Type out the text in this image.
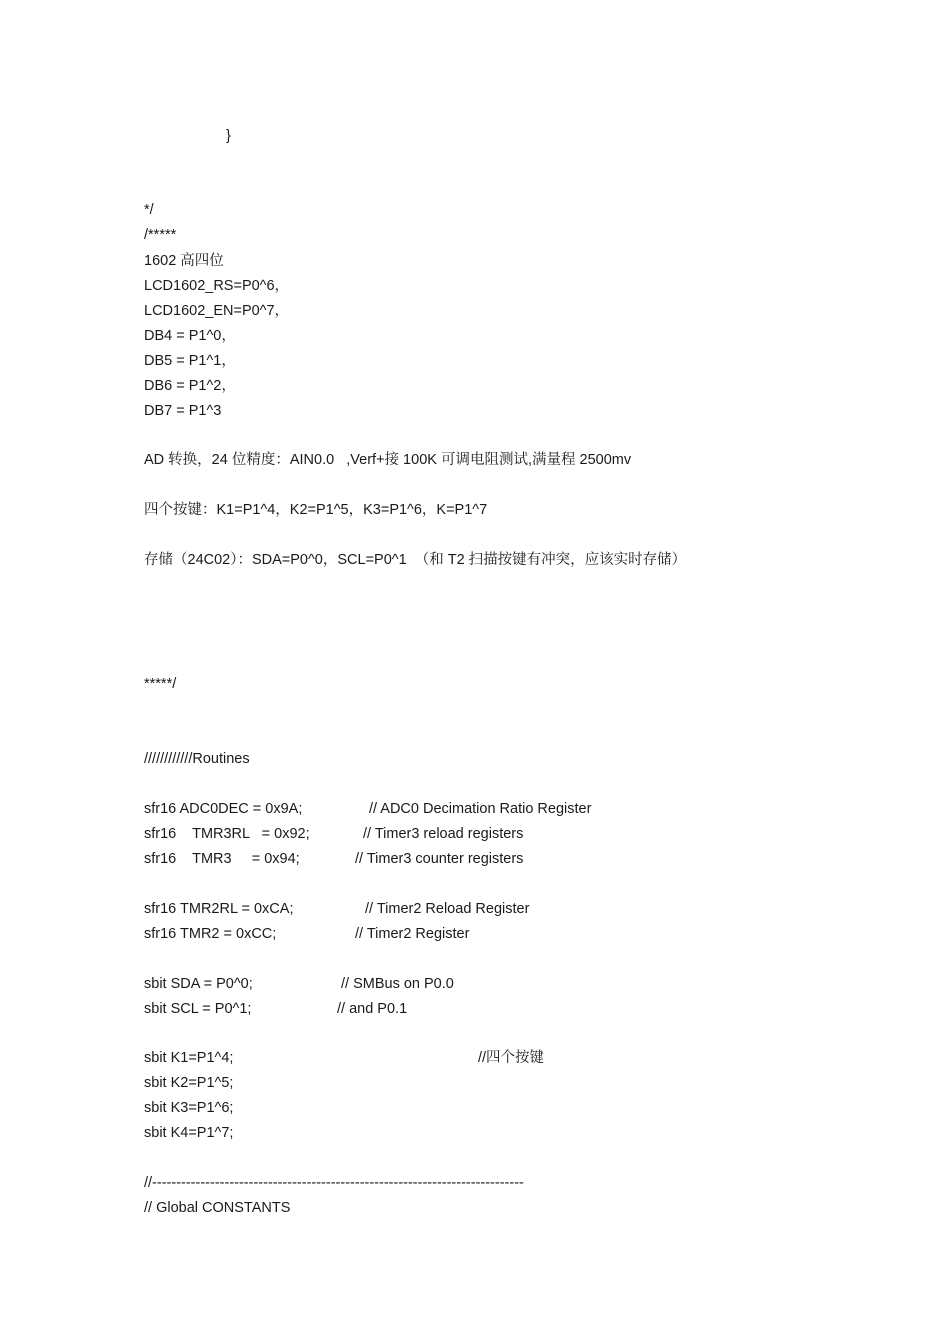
}
*/
/*****
1602 高四位
LCD1602_RS=P0^6，
LCD1602_EN=P0^7，
DB4 = P1^0，
DB5 = P1^1，
DB6 = P1^2，
DB7 = P1^3
AD 转换，24 位精度：AIN0.0   ,Verf+接 100K 可调电阻测试,满量程 2500mv
四个按键：K1=P1^4，K2=P1^5，K3=P1^6，K=P1^7
存储（24C02）：SDA=P0^0，SCL=P0^1  （和 T2 扫描按键有冲突，应该实时存储）
*****/
////////////Routines
sfr16 ADC0DEC = 0x9A;	// ADC0 Decimation Ratio Register
sfr16    TMR3RL   = 0x92;	// Timer3 reload registers
sfr16    TMR3     = 0x94;	// Timer3 counter registers
sfr16 TMR2RL = 0xCA;	// Timer2 Reload Register
sfr16 TMR2 = 0xCC;	// Timer2 Register
sbit SDA = P0^0;	// SMBus on P0.0
sbit SCL = P0^1;	// and P0.1
sbit K1=P1^4;	//四个按键
sbit K2=P1^5;
sbit K3=P1^6;
sbit K4=P1^7;
//-----------------------------------------------------------------------------
// Global CONSTANTS
